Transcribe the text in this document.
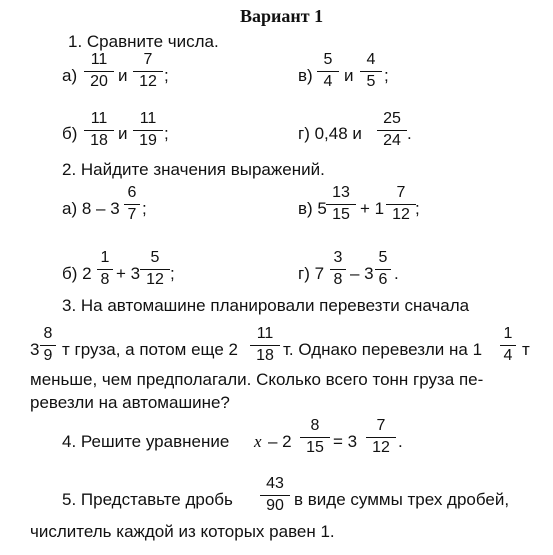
Вариант 1
1. Сравните числа.
а)
11
20 и
7
12 ;	в)
5
4 и
4
5 ;
б)
11
18 и
11
19 ;	г) 0,48 и
25
24 .
2. Найдите значения выражений.
а) 8 – 3
6
7 ;	в) 5
13
15 + 1
7
12 ;
б) 2
1
8 + 3
5
12 ;	г) 7
3
8 – 3
5
6 .
3. На автомашине планировали перевезти сначала
3
8
9 т груза, а потом еще 2
11
18 т. Однако перевезли на 1
1
4 т
меньше, чем предполагали. Сколько всего тонн груза пе-
ревезли на автомашине?
4. Решите уравнение x – 2
8
15 = 3
7
12 .
5. Представьте дробь
43
90 в виде суммы трех дробей,
числитель каждой из которых равен 1.
